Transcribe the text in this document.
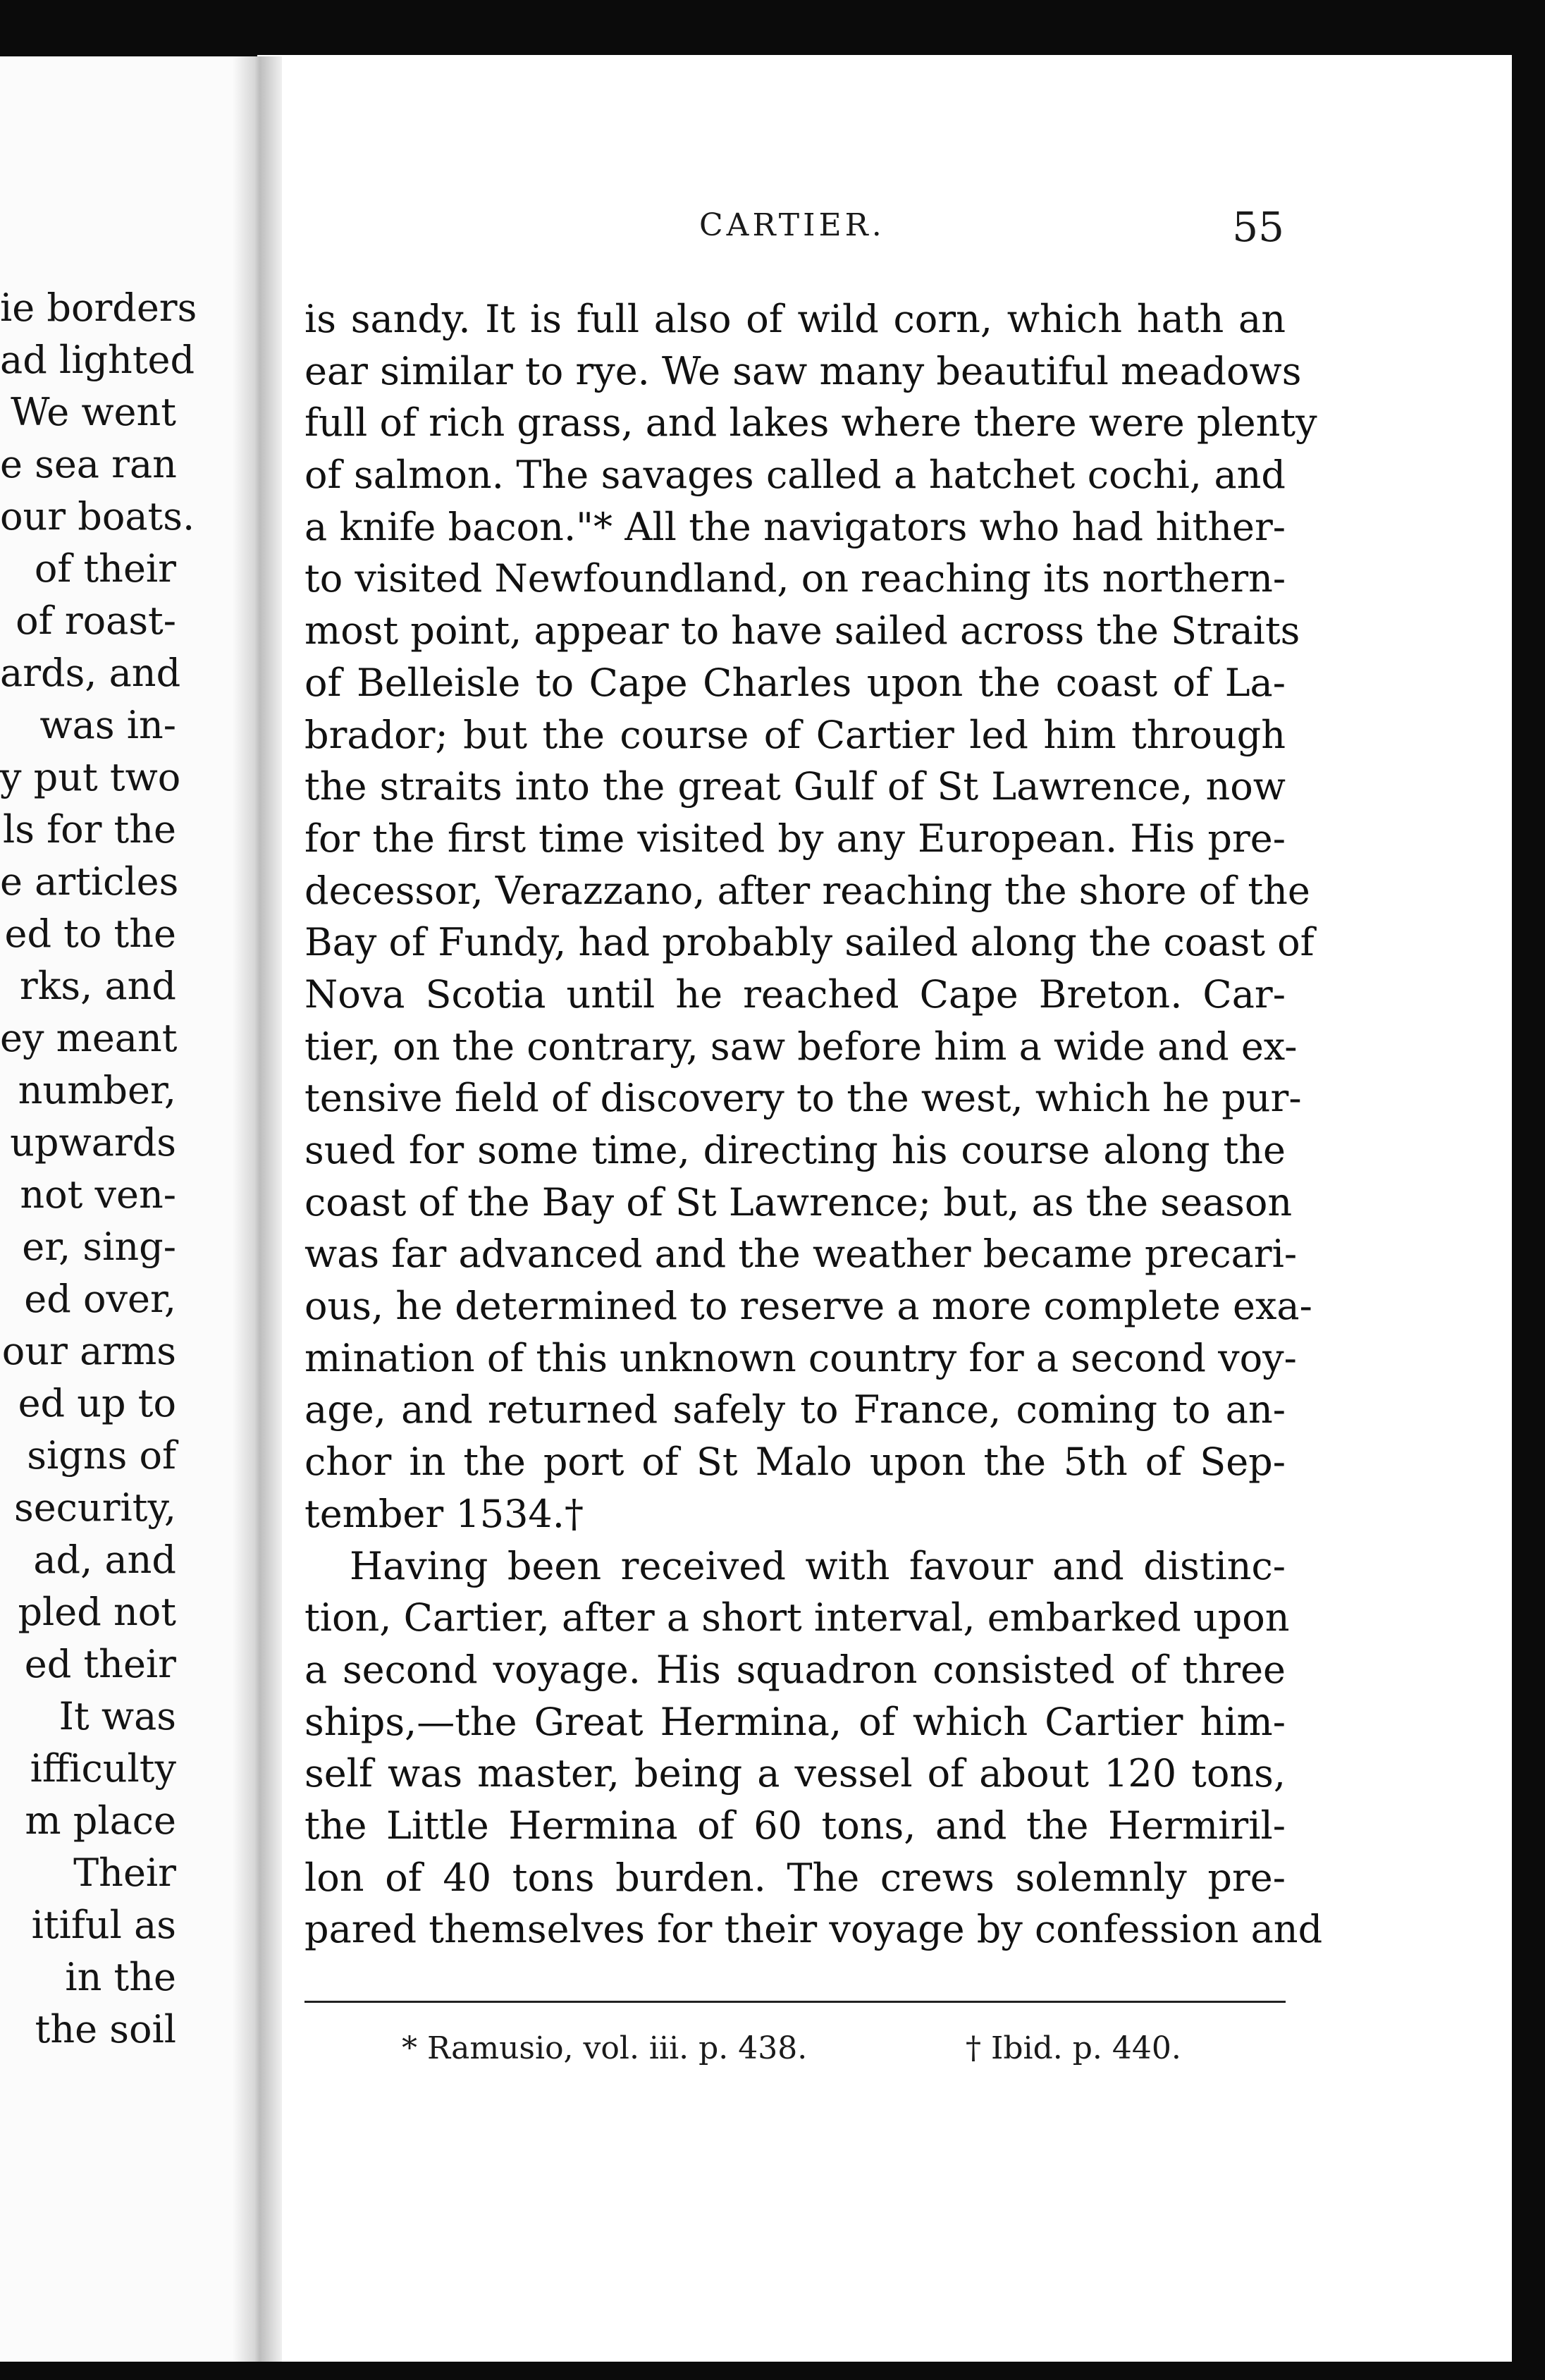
ie borders
ad lighted
We went
e sea ran
our boats.
of their
of roast-
ards, and
was in-
y put two
ls for the
e articles
ed to the
rks, and
ey meant
number,
upwards
not ven-
er, sing-
ed over,
our arms
ed up to
signs of
security,
ad, and
pled not
ed their
It was
ifficulty
m place
Their
itiful as
in the
the soil
CARTIER.	55
is sandy. It is full also of wild corn, which hath an
ear similar to rye. We saw many beautiful meadows
full of rich grass, and lakes where there were plenty
of salmon. The savages called a hatchet cochi, and
a knife bacon."* All the navigators who had hither-
to visited Newfoundland, on reaching its northern-
most point, appear to have sailed across the Straits
of Belleisle to Cape Charles upon the coast of La-
brador; but the course of Cartier led him through
the straits into the great Gulf of St Lawrence, now
for the first time visited by any European. His pre-
decessor, Verazzano, after reaching the shore of the
Bay of Fundy, had probably sailed along the coast of
Nova Scotia until he reached Cape Breton. Car-
tier, on the contrary, saw before him a wide and ex-
tensive field of discovery to the west, which he pur-
sued for some time, directing his course along the
coast of the Bay of St Lawrence; but, as the season
was far advanced and the weather became precari-
ous, he determined to reserve a more complete exa-
mination of this unknown country for a second voy-
age, and returned safely to France, coming to an-
chor in the port of St Malo upon the 5th of Sep-
tember 1534.†
Having been received with favour and distinc-
tion, Cartier, after a short interval, embarked upon
a second voyage. His squadron consisted of three
ships,—the Great Hermina, of which Cartier him-
self was master, being a vessel of about 120 tons,
the Little Hermina of 60 tons, and the Hermiril-
lon of 40 tons burden. The crews solemnly pre-
pared themselves for their voyage by confession and
* Ramusio, vol. iii. p. 438.	† Ibid. p. 440.
